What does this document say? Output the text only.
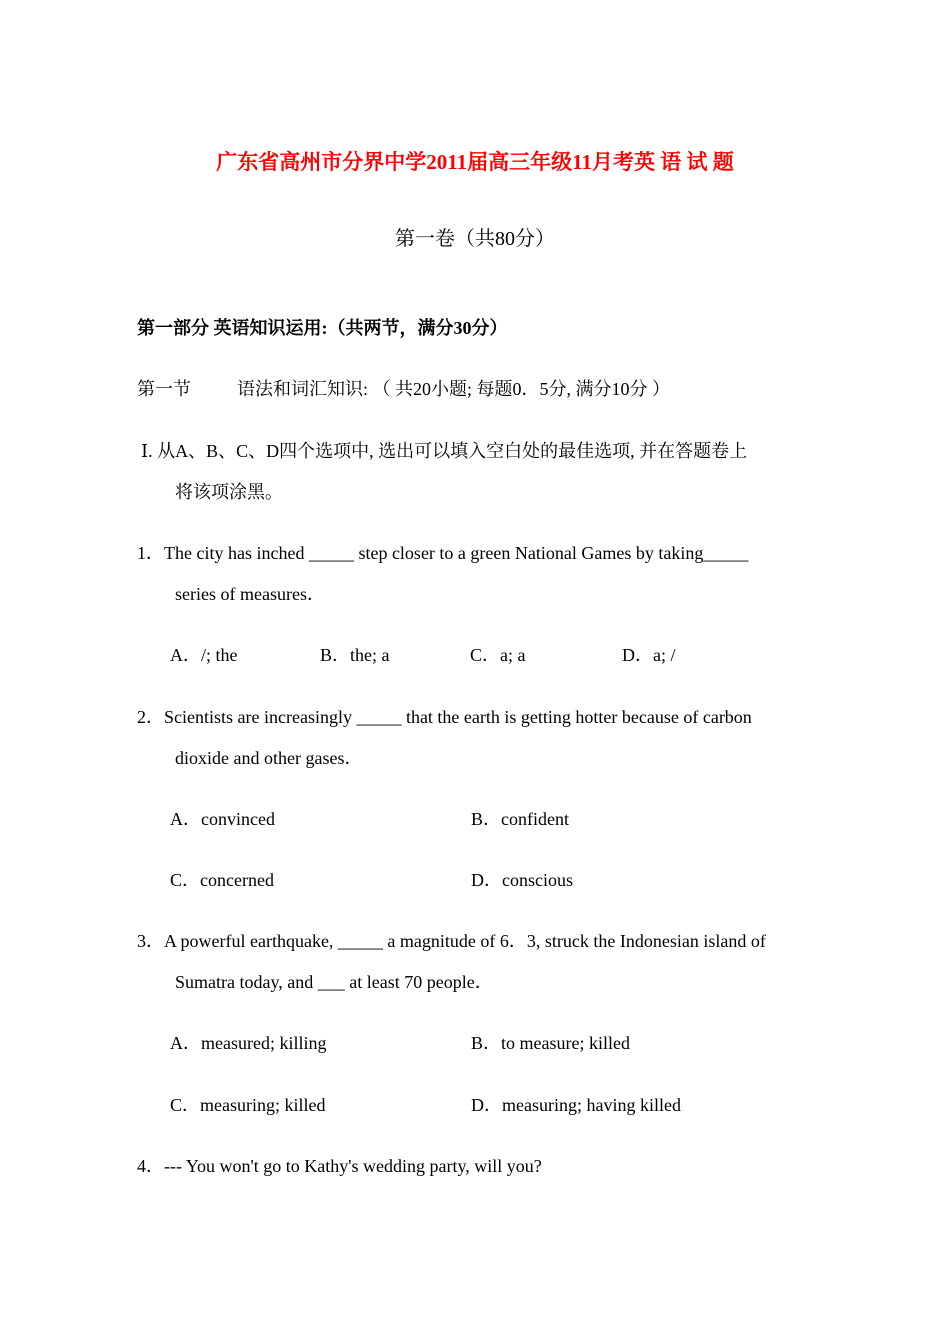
广东省高州市分界中学2011届高三年级11月考英 语 试 题
第一卷（共80分）
第一部分 英语知识运用:（共两节，满分30分）
第一节	语法和词汇知识: （ 共20小题; 每题0．5分, 满分10分 ）
Ⅰ. 从A、B、C、D四个选项中, 选出可以填入空白处的最佳选项, 并在答题卷上
将该项涂黑。
1．The city has inched _____ step closer to a green National Games by taking_____
series of measures．
A．/; the	B．the; a	C．a; a	D．a; /
2．Scientists are increasingly _____ that the earth is getting hotter because of carbon
dioxide and other gases．
A．convinced	B．confident
C．concerned	D．conscious
3．A powerful earthquake, _____ a magnitude of 6．3, struck the Indonesian island of
Sumatra today, and ___ at least 70 people．
A．measured; killing	B．to measure; killed
C．measuring; killed	D．measuring; having killed
4．--- You won't go to Kathy's wedding party, will you?
